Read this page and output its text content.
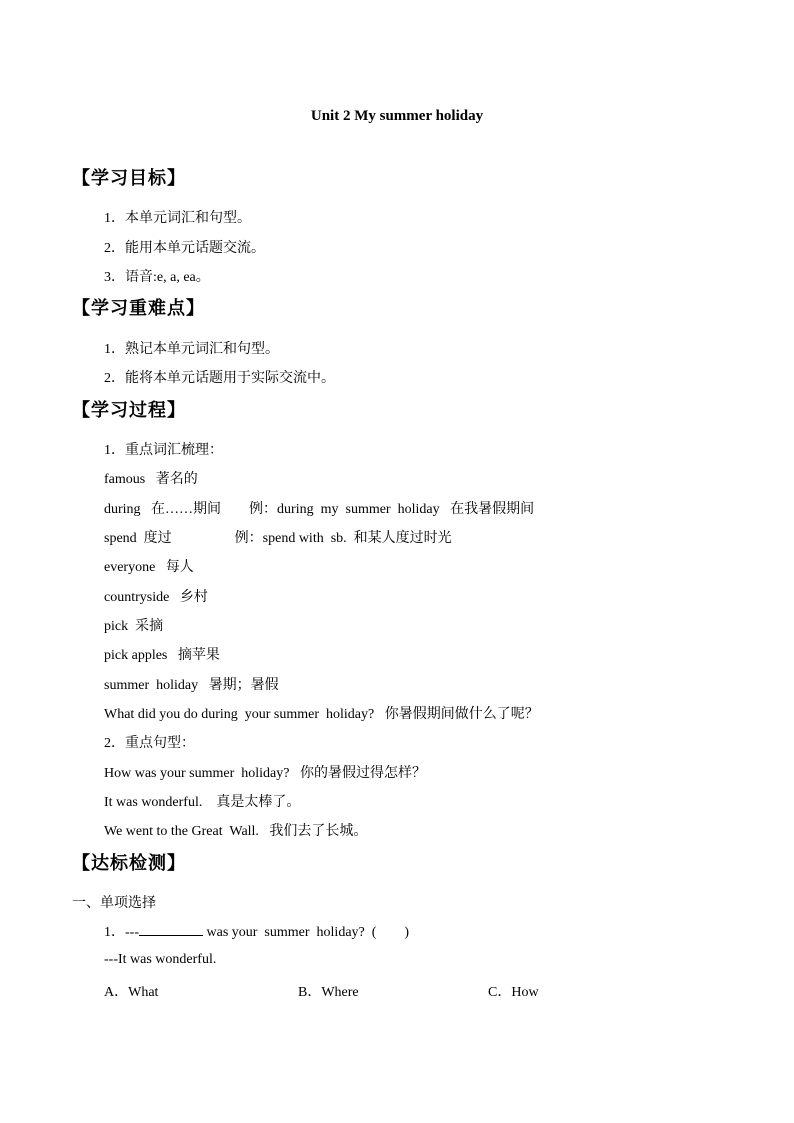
Unit 2 My summer holiday
【学习目标】
1．本单元词汇和句型。
2．能用本单元话题交流。
3．语音:e, a, ea。
【学习重难点】
1．熟记本单元词汇和句型。
2．能将本单元话题用于实际交流中。
【学习过程】
1．重点词汇梳理：
famous   著名的
during   在……期间        例：during  my  summer  holiday   在我暑假期间
spend  度过                  例：spend with  sb.  和某人度过时光
everyone   每人
countryside   乡村
pick  采摘
pick apples   摘苹果
summer  holiday   暑期；暑假
What did you do during  your summer  holiday?   你暑假期间做什么了呢？
2．重点句型：
How was your summer  holiday?   你的暑假过得怎样？
It was wonderful.    真是太棒了。
We went to the Great  Wall.   我们去了长城。
【达标检测】
一、单项选择
1．---	was your  summer  holiday?  (        )
---It was wonderful.
A．What	B．Where	C．How
